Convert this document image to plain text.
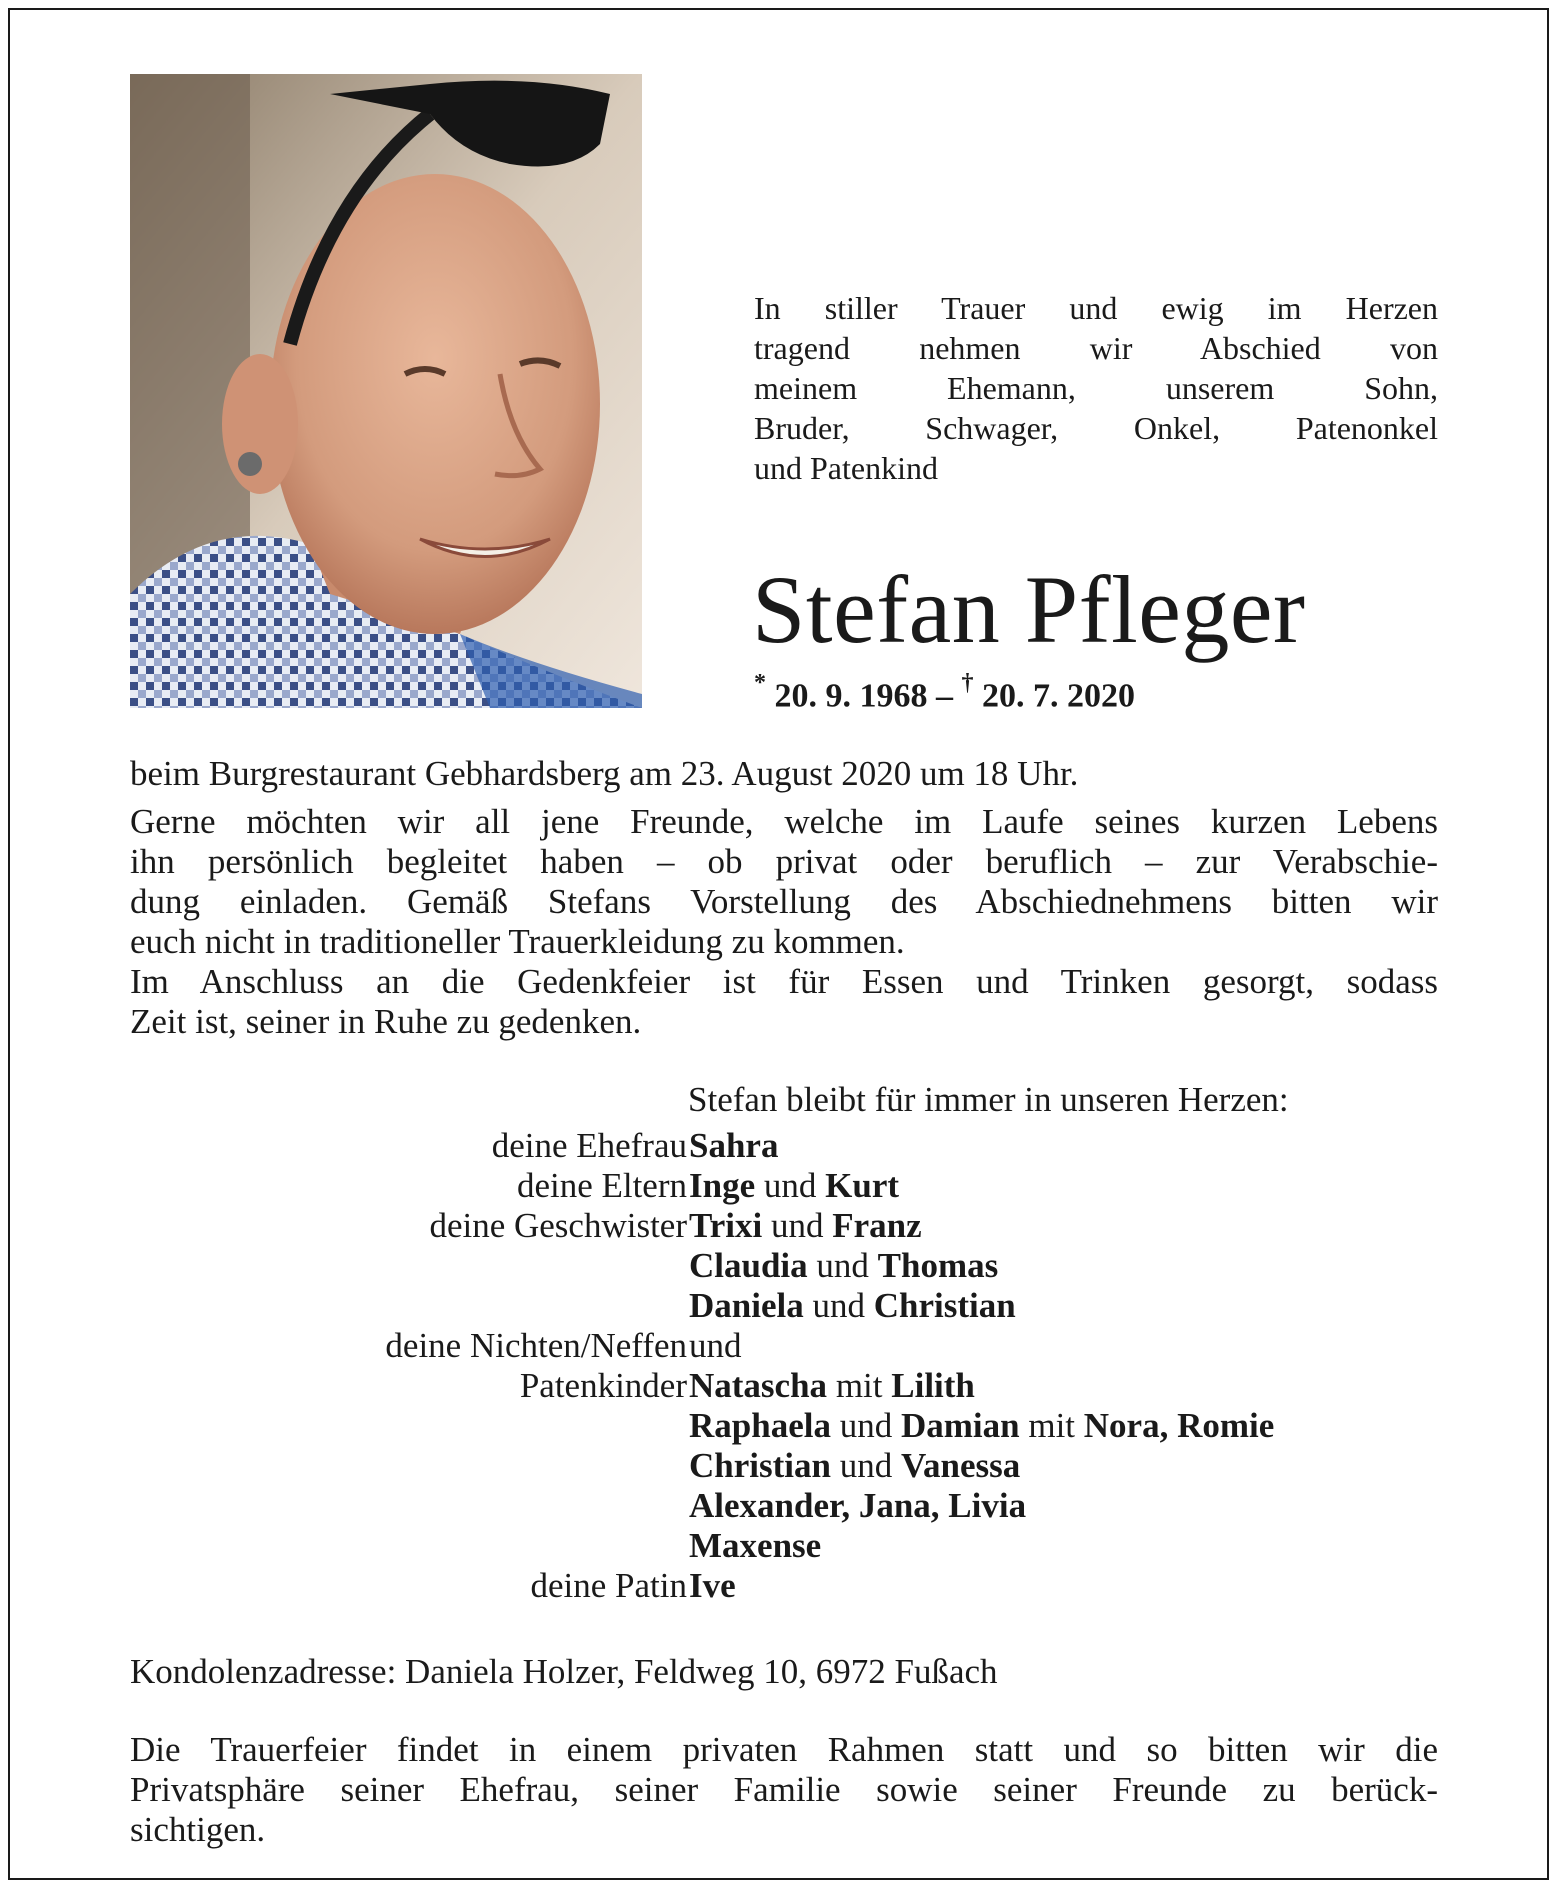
In stiller Trauer und ewig im Herzen
tragend nehmen wir Abschied von
meinem Ehemann, unserem Sohn,
Bruder, Schwager, Onkel, Patenonkel
und Patenkind
Stefan Pfleger
* 20. 9. 1968 – † 20. 7. 2020
beim Burgrestaurant Gebhardsberg am 23. August 2020 um 18 Uhr.
Gerne möchten wir all jene Freunde, welche im Laufe seines kurzen Lebens
ihn persönlich begleitet haben – ob privat oder beruflich – zur Verabschie-
dung einladen. Gemäß Stefans Vorstellung des Abschiednehmens bitten wir
euch nicht in traditioneller Trauerkleidung zu kommen.
Im Anschluss an die Gedenkfeier ist für Essen und Trinken gesorgt, sodass
Zeit ist, seiner in Ruhe zu gedenken.
Stefan bleibt für immer in unseren Herzen:
deine Ehefrau Sahra
deine Eltern Inge und Kurt
deine Geschwister Trixi und Franz
Claudia und Thomas
Daniela und Christian
deine Nichten/Neffen und
Patenkinder Natascha mit Lilith
Raphaela und Damian mit Nora, Romie
Christian und Vanessa
Alexander, Jana, Livia
Maxense
deine Patin Ive
Kondolenzadresse: Daniela Holzer, Feldweg 10, 6972 Fußach
Die Trauerfeier findet in einem privaten Rahmen statt und so bitten wir die
Privatsphäre seiner Ehefrau, seiner Familie sowie seiner Freunde zu berück-
sichtigen.
